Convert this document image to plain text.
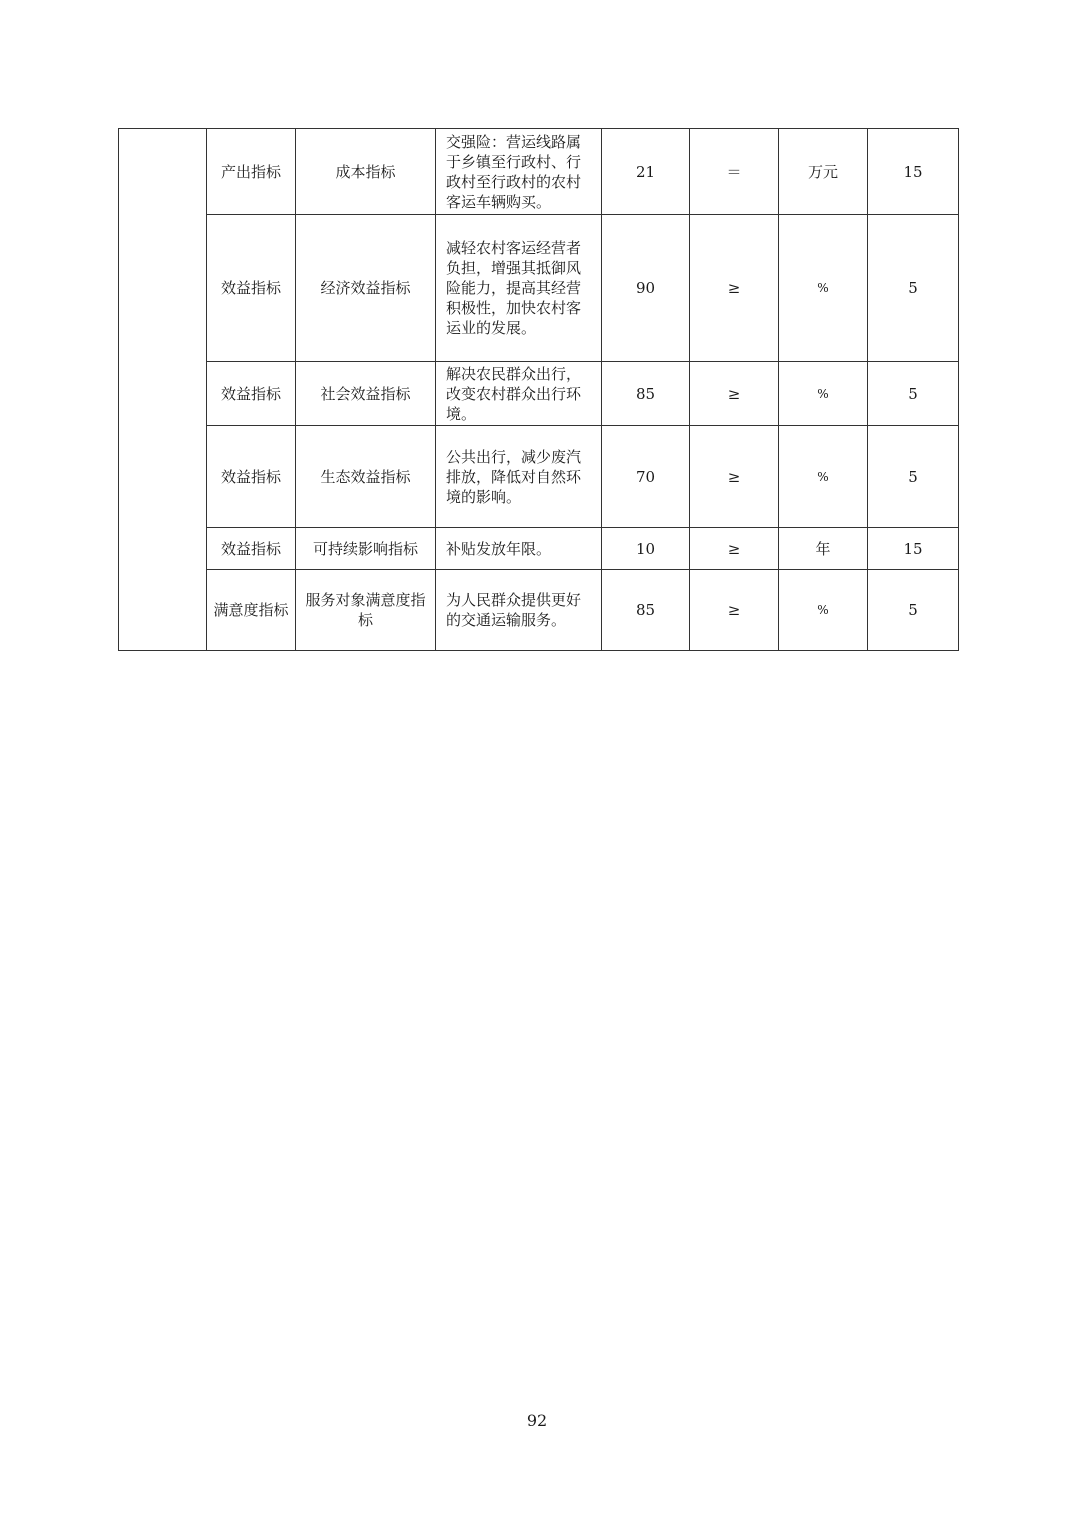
	产出指标	成本指标	交强险：营运线路属于乡镇至行政村、行政村至行政村的农村客运车辆购买。	21	＝	万元	15
	效益指标	经济效益指标	减轻农村客运经营者负担，增强其抵御风险能力，提高其经营积极性，加快农村客运业的发展。	90	≥	%	5
	效益指标	社会效益指标	解决农民群众出行，改变农村群众出行环境。	85	≥	%	5
	效益指标	生态效益指标	公共出行，减少废汽排放，降低对自然环境的影响。	70	≥	%	5
	效益指标	可持续影响指标	补贴发放年限。	10	≥	年	15
	满意度指标	服务对象满意度指标	为人民群众提供更好的交通运输服务。	85	≥	%	5
92
